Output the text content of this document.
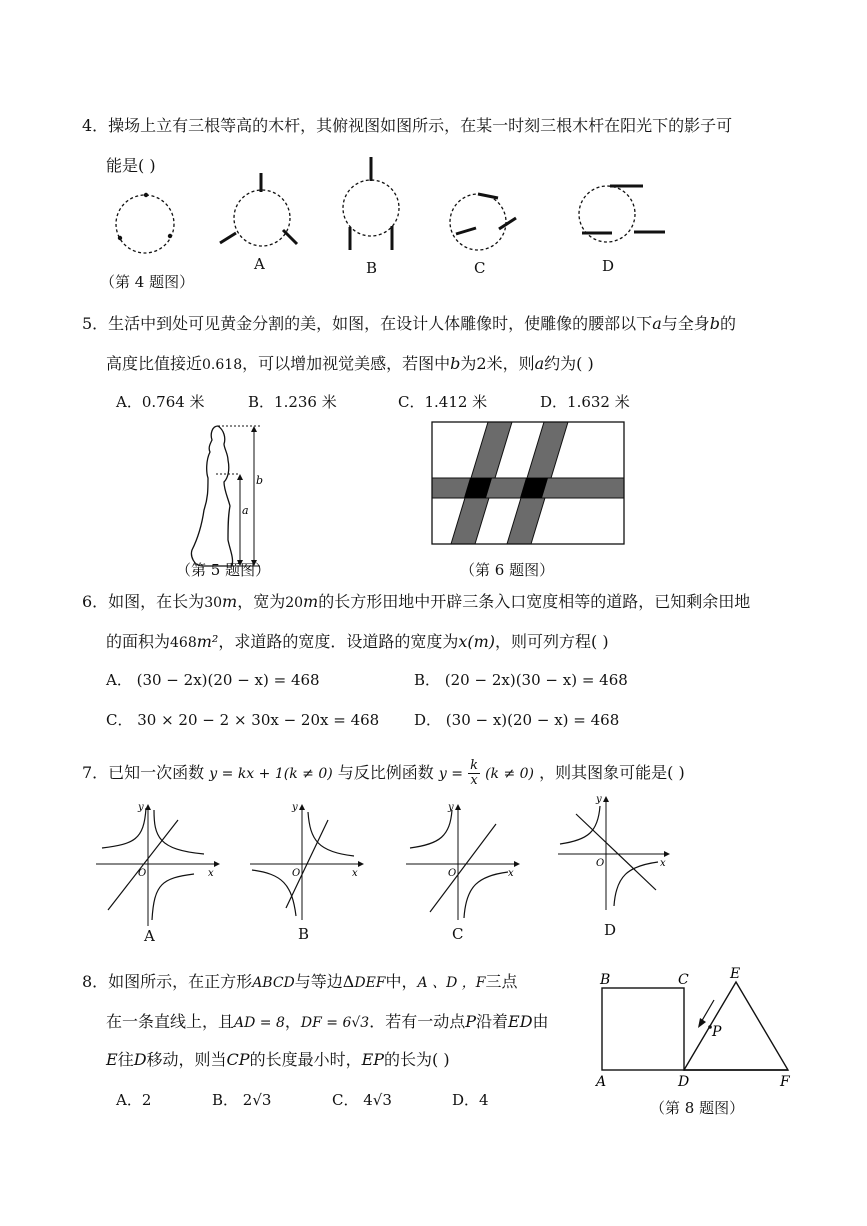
4．操场上立有三根等高的木杆，其俯视图如图所示，在某一时刻三根木杆在阳光下的影子可
能是( )
A	B	C	D
（第 4 题图）
5．生活中到处可见黄金分割的美，如图，在设计人体雕像时，使雕像的腰部以下a与全身b的
高度比值接近0.618，可以增加视觉美感，若图中b为2米，则a约为( )
A．0.764 米	B．1.236 米	C．1.412 米	D．1.632 米
b
a
（第 5 题图）	（第 6 题图）
6．如图，在长为30m，宽为20m的长方形田地中开辟三条入口宽度相等的道路，已知剩余田地
的面积为468m²，求道路的宽度．设道路的宽度为x(m)，则可列方程( )
A． (30 − 2x)(20 − x) = 468	B． (20 − 2x)(30 − x) = 468
C． 30 × 20 − 2 × 30x − 20x = 468 D． (30 − x)(20 − x) = 468
7．已知一次函数 y = kx + 1(k ≠ 0) 与反比例函数 $y = \frac{k}{x} (k \ne 0)$ ，则其图象可能是( )
x
y
O
A
x
y
O
B
x
y
O
C
x
y
O
D
8．如图所示，在正方形ABCD与等边ΔDEF中，A 、D ，F三点
在一条直线上，且AD = 8，DF = 6√3．若有一动点P沿着ED由
E往D移动，则当CP的长度最小时，EP的长为( )
A．2	B． 2√3	C． 4√3	D．4
B	C	E
P
A	D	F
（第 8 题图）
